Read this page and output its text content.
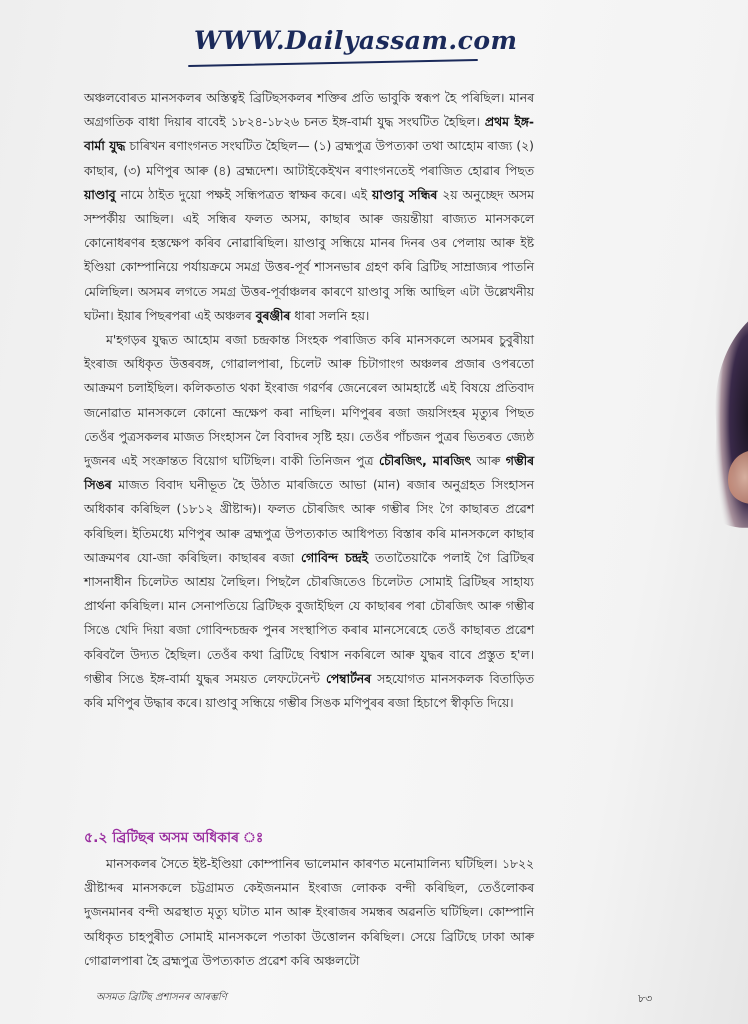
WWW.Dailyassam.com

অঞ্চলবোৰত মানসকলৰ অস্তিত্বই ব্ৰিটিছসকলৰ শক্তিৰ প্ৰতি ভাবুকি স্বৰূপ হৈ পৰিছিল। মানৰ অগ্ৰগতিক বাধা দিয়াৰ বাবেই ১৮২৪-১৮২৬ চনত ইঙ্গ-বাৰ্মা যুদ্ধ সংঘটিত হৈছিল। প্ৰথম ইঙ্গ-বাৰ্মা যুদ্ধ চাৰিখন ৰণাংগনত সংঘটিত হৈছিল— (১) ব্ৰহ্মপুত্ৰ উপত্যকা তথা আহোম ৰাজ্য (২) কাছাৰ, (৩) মণিপুৰ আৰু (৪) ব্ৰহ্মদেশ। আটাইকেইখন ৰণাংগনতেই পৰাজিত হোৱাৰ পিছত য়াণ্ডাবু নামে ঠাইত দুয়ো পক্ষই সন্ধিপত্ৰত স্বাক্ষৰ কৰে। এই য়াণ্ডাবু সন্ধিৰ ২য় অনুচ্ছেদ অসম সম্পৰ্কীয় আছিল। এই সন্ধিৰ ফলত অসম, কাছাৰ আৰু জয়ন্তীয়া ৰাজ্যত মানসকলে কোনোধৰণৰ হস্তক্ষেপ কৰিব নোৱাৰিছিল। য়াণ্ডাবু সন্ধিয়ে মানৰ দিনৰ ওৰ পেলায় আৰু ইষ্ট ইণ্ডিয়া কোম্পানিয়ে পৰ্যায়ক্ৰমে সমগ্ৰ উত্তৰ-পূৰ্ব শাসনভাৰ গ্ৰহণ কৰি ব্ৰিটিছ সাম্ৰাজ্যৰ পাতনি মেলিছিল। অসমৰ লগতে সমগ্ৰ উত্তৰ-পূৰ্বাঞ্চলৰ কাৰণে য়াণ্ডাবু সন্ধি আছিল এটা উল্লেখনীয় ঘটনা। ইয়াৰ পিছৰপৰা এই অঞ্চলৰ বুৰঞ্জীৰ ধাৰা সলনি হয়।

ম'হগড়ৰ যুদ্ধত আহোম ৰজা চন্দ্ৰকান্ত সিংহক পৰাজিত কৰি মানসকলে অসমৰ চুবুৰীয়া ইংৰাজ অধিকৃত উত্তৰবঙ্গ, গোৱালপাৰা, চিলেট আৰু চিটাগাংগ অঞ্চলৰ প্ৰজাৰ ওপৰতো আক্ৰমণ চলাইছিল। কলিকতাত থকা ইংৰাজ গৱৰ্ণৰ জেনেৰেল আমহাৰ্ষ্টে এই বিষয়ে প্ৰতিবাদ জনোৱাত মানসকলে কোনো ভ্ৰূক্ষেপ কৰা নাছিল। মণিপুৰৰ ৰজা জয়সিংহৰ মৃত্যুৰ পিছত তেওঁৰ পুত্ৰসকলৰ মাজত সিংহাসন লৈ বিবাদৰ সৃষ্টি হয়। তেওঁৰ পাঁচজন পুত্ৰৰ ভিতৰত জ্যেষ্ঠ দুজনৰ এই সংক্ৰান্তত বিয়োগ ঘটিছিল। বাকী তিনিজন পুত্ৰ চৌৰজিৎ, মাৰজিৎ আৰু গম্ভীৰ সিঙৰ মাজত বিবাদ ঘনীভূত হৈ উঠাত মাৰজিতে আভা (মান) ৰজাৰ অনুগ্ৰহত সিংহাসন অধিকাৰ কৰিছিল (১৮১২ খ্ৰীষ্টাব্দ)। ফলত চৌৰজিৎ আৰু গম্ভীৰ সিং গৈ কাছাৰত প্ৰৱেশ কৰিছিল। ইতিমধ্যে মণিপুৰ আৰু ব্ৰহ্মপুত্ৰ উপত্যকাত আধিপত্য বিস্তাৰ কৰি মানসকলে কাছাৰ আক্ৰমণৰ যো-জা কৰিছিল। কাছাৰৰ ৰজা গোবিন্দ চন্দ্ৰই ততাতৈয়াকৈ পলাই গৈ ব্ৰিটিছৰ শাসনাধীন চিলেটত আশ্ৰয় লৈছিল। পিছলৈ চৌৰজিতেও চিলেটত সোমাই ব্ৰিটিছৰ সাহায্য প্ৰাৰ্থনা কৰিছিল। মান সেনাপতিয়ে ব্ৰিটিছক বুজাইছিল যে কাছাৰৰ পৰা চৌৰজিৎ আৰু গম্ভীৰ সিঙে খেদি দিয়া ৰজা গোবিন্দচন্দ্ৰক পুনৰ সংস্থাপিত কৰাৰ মানসেৰেহে তেওঁ কাছাৰত প্ৰৱেশ কৰিবলৈ উদ্যত হৈছিল। তেওঁৰ কথা ব্ৰিটিছে বিশ্বাস নকৰিলে আৰু যুদ্ধৰ বাবে প্ৰস্তুত হ'ল। গম্ভীৰ সিঙে ইঙ্গ-বাৰ্মা যুদ্ধৰ সময়ত লেফটেনেন্ট পেম্বাৰ্টনৰ সহযোগত মানসকলক বিতাড়িত কৰি মণিপুৰ উদ্ধাৰ কৰে। য়াণ্ডাবু সন্ধিয়ে গম্ভীৰ সিঙক মণিপুৰৰ ৰজা হিচাপে স্বীকৃতি দিয়ে।

৫.২ ব্ৰিটিছৰ অসম অধিকাৰ ঃ

মানসকলৰ সৈতে ইষ্ট-ইণ্ডিয়া কোম্পানিৰ ভালেমান কাৰণত মনোমালিন্য ঘটিছিল। ১৮২২ খ্ৰীষ্টাব্দৰ মানসকলে চট্টগ্ৰামত কেইজনমান ইংৰাজ লোকক বন্দী কৰিছিল, তেওঁলোকৰ দুজনমানৰ বন্দী অৱস্থাত মৃত্যু ঘটাত মান আৰু ইংৰাজৰ সমন্ধৰ অৱনতি ঘটিছিল। কোম্পানি অধিকৃত চাহপুৰীত সোমাই মানসকলে পতাকা উত্তোলন কৰিছিল। সেয়ে ব্ৰিটিছে ঢাকা আৰু গোৱালপাৰা হৈ ব্ৰহ্মপুত্ৰ উপত্যকাত প্ৰৱেশ কৰি অঞ্চলটো

অসমত ব্ৰিটিছ প্ৰশাসনৰ আৰম্ভণি	৮৩
